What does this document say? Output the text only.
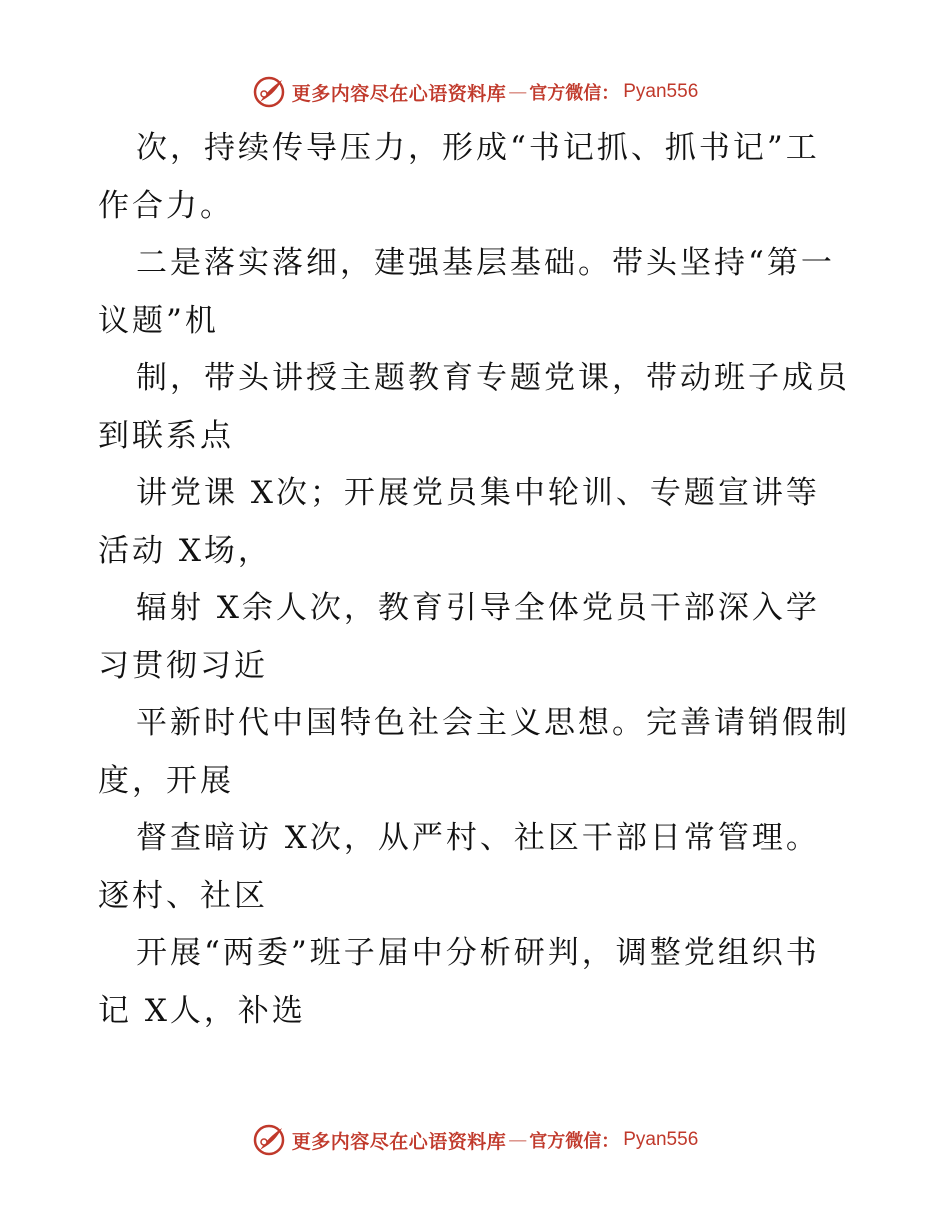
更多内容尽在心语资料库 — 官方微信： Pyan556
次，持续传导压力，形成“书记抓、抓书记”工
作合力。
二是落实落细，建强基层基础。带头坚持“第一
议题”机
制，带头讲授主题教育专题党课，带动班子成员
到联系点
讲党课 X次；开展党员集中轮训、专题宣讲等
活动 X场，
辐射 X余人次，教育引导全体党员干部深入学
习贯彻习近
平新时代中国特色社会主义思想。完善请销假制
度，开展
督查暗访 X次，从严村、社区干部日常管理。
逐村、社区
开展“两委”班子届中分析研判，调整党组织书
记 X人，补选
更多内容尽在心语资料库 — 官方微信： Pyan556
